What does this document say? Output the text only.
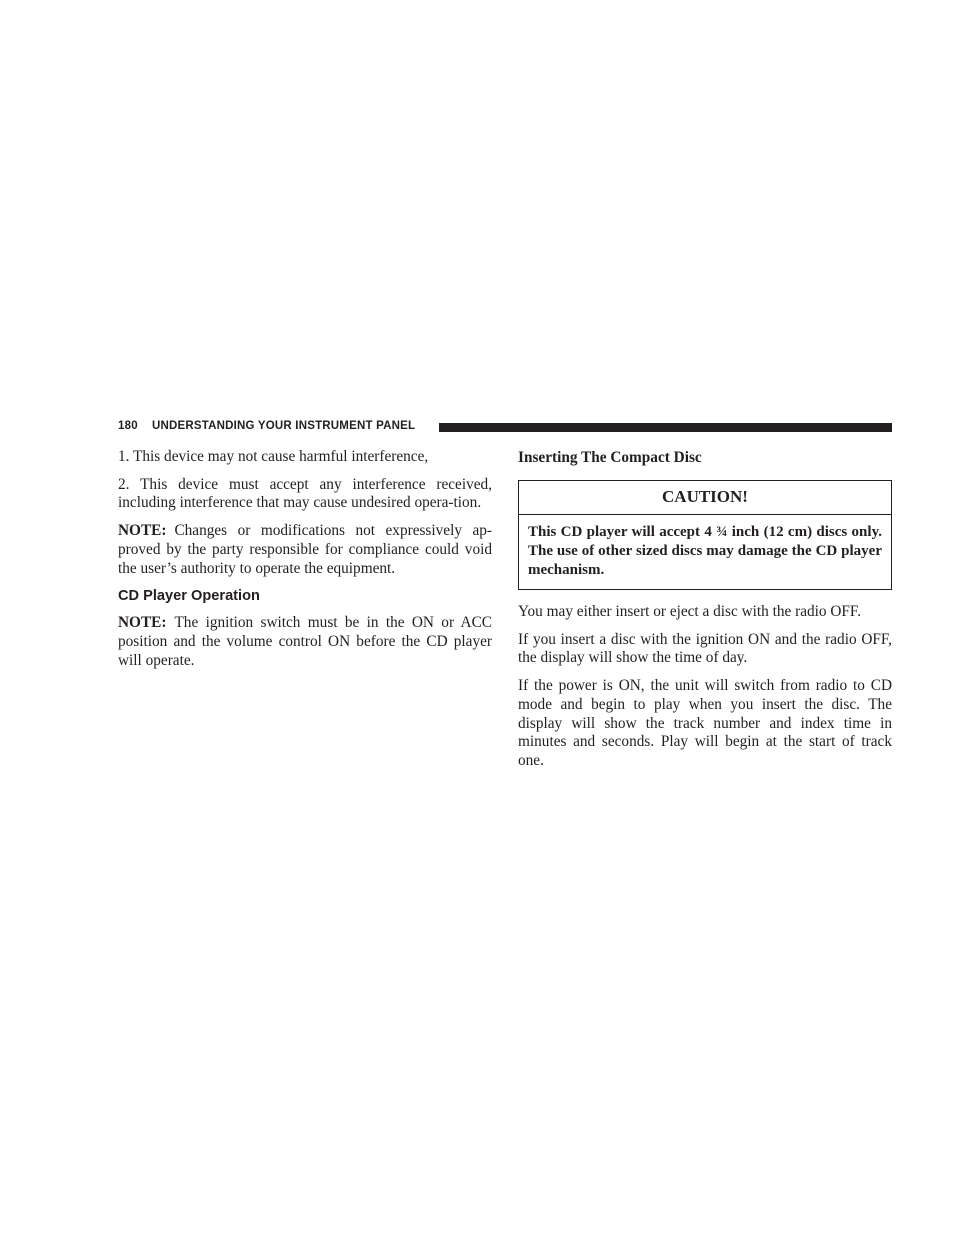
180 UNDERSTANDING YOUR INSTRUMENT PANEL

1. This device may not cause harmful interference,

2. This device must accept any interference received, including interference that may cause undesired opera-tion.

NOTE: Changes or modifications not expressively ap-proved by the party responsible for compliance could void the user’s authority to operate the equipment.

CD Player Operation

NOTE: The ignition switch must be in the ON or ACC position and the volume control ON before the CD player will operate.

Inserting The Compact Disc
CAUTION!
This CD player will accept 4 ¾ inch (12 cm) discs only. The use of other sized discs may damage the CD player mechanism.

You may either insert or eject a disc with the radio OFF.

If you insert a disc with the ignition ON and the radio OFF, the display will show the time of day.

If the power is ON, the unit will switch from radio to CD mode and begin to play when you insert the disc. The display will show the track number and index time in minutes and seconds. Play will begin at the start of track one.
